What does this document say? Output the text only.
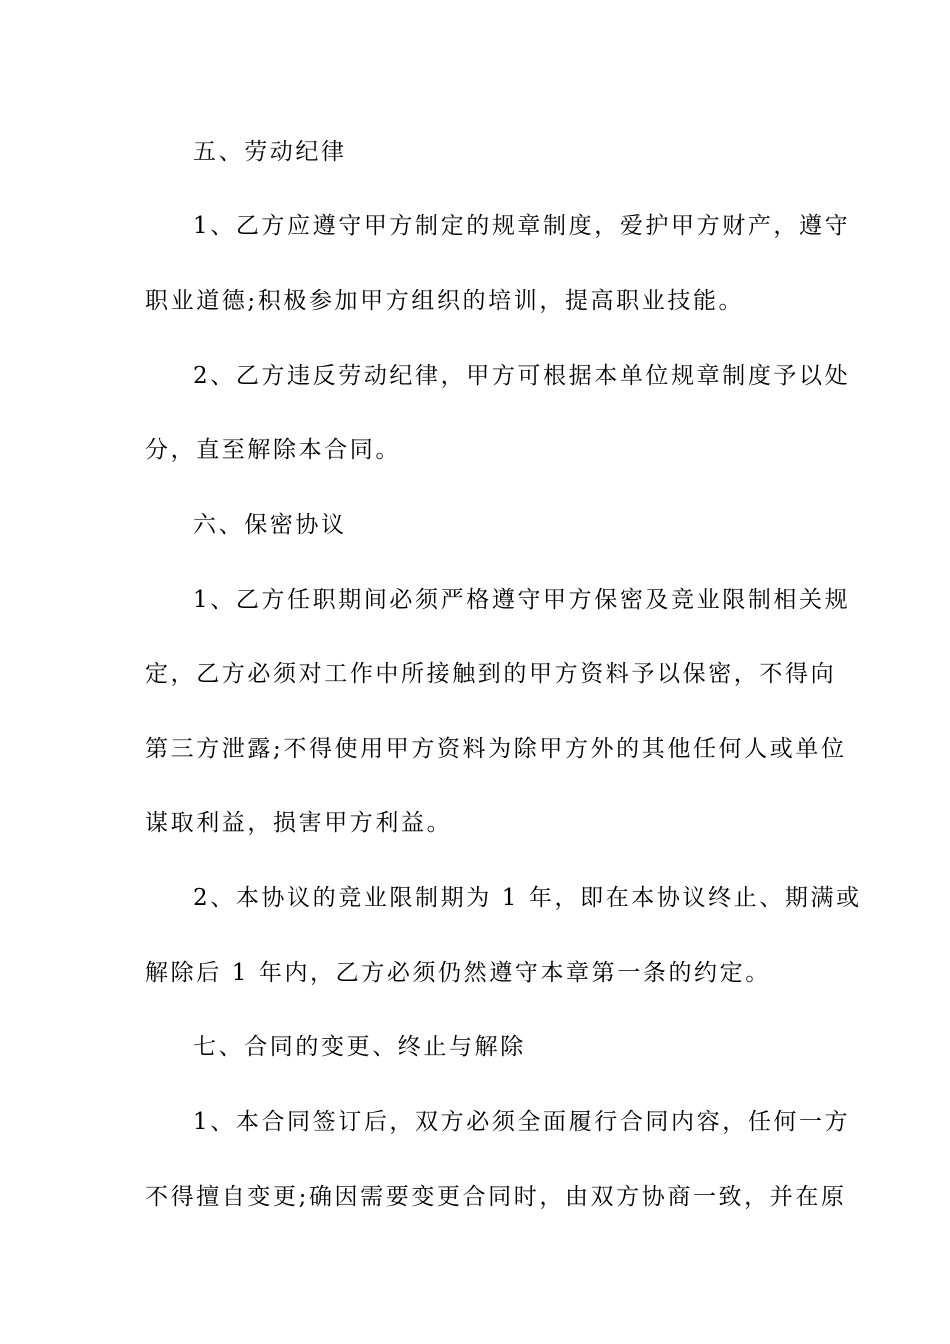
五、劳动纪律
1、乙方应遵守甲方制定的规章制度，爱护甲方财产，遵守
职业道德;积极参加甲方组织的培训，提高职业技能。
2、乙方违反劳动纪律，甲方可根据本单位规章制度予以处
分，直至解除本合同。
六、保密协议
1、乙方任职期间必须严格遵守甲方保密及竞业限制相关规
定，乙方必须对工作中所接触到的甲方资料予以保密，不得向
第三方泄露;不得使用甲方资料为除甲方外的其他任何人或单位
谋取利益，损害甲方利益。
2、本协议的竞业限制期为 1 年，即在本协议终止、期满或
解除后 1 年内，乙方必须仍然遵守本章第一条的约定。
七、合同的变更、终止与解除
1、本合同签订后，双方必须全面履行合同内容，任何一方
不得擅自变更;确因需要变更合同时，由双方协商一致，并在原
